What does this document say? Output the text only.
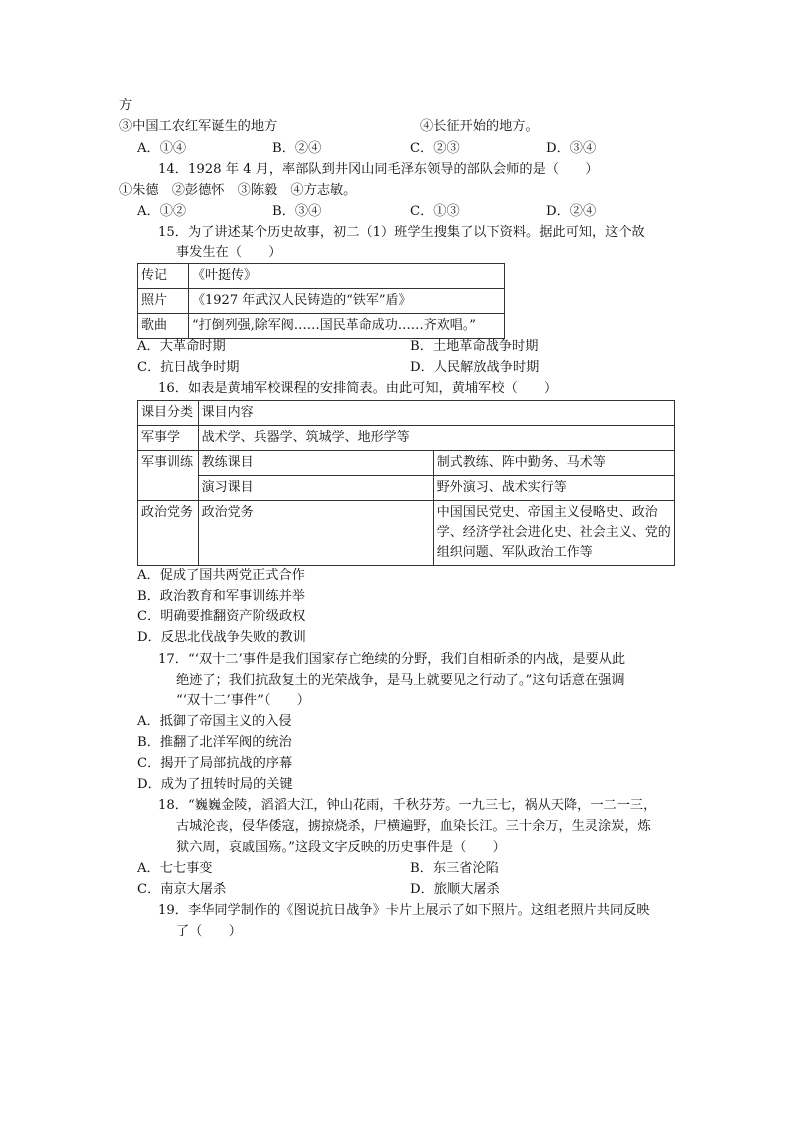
方
③中国工农红军诞生的地方	④长征开始的地方。
A．①④	B．②④	C．②③	D．③④
14．1928 年 4 月，率部队到井冈山同毛泽东领导的部队会师的是（　　）
①朱德　②彭德怀　③陈毅　④方志敏。
A．①②	B．③④	C．①③	D．②④
15．为了讲述某个历史故事，初二（1）班学生搜集了以下资料。据此可知，这个故
事发生在（　　）
传记	《叶挺传》
照片	《1927 年武汉人民铸造的“铁军”盾》
歌曲	“打倒列强,除军阀……国民革命成功……齐欢唱。”
A．大革命时期	B．土地革命战争时期
C．抗日战争时期	D．人民解放战争时期
16．如表是黄埔军校课程的安排简表。由此可知，黄埔军校（　　）
课目分类	课目内容	
军事学	战术学、兵器学、筑城学、地形学等	
军事训练	教练课目	制式教练、阵中勤务、马术等
	演习课目	野外演习、战术实行等
政治党务	政治党务	中国国民党史、帝国主义侵略史、政治学、经济学社会进化史、社会主义、党的组织问题、军队政治工作等
A．促成了国共两党正式合作
B．政治教育和军事训练并举
C．明确要推翻资产阶级政权
D．反思北伐战争失败的教训
17．“‘双十二’事件是我们国家存亡绝续的分野，我们自相斫杀的内战，是要从此
绝迹了；我们抗敌复土的光荣战争，是马上就要见之行动了。”这句话意在强调
“‘双十二’事件”（　　）
A．抵御了帝国主义的入侵
B．推翻了北洋军阀的统治
C．揭开了局部抗战的序幕
D．成为了扭转时局的关键
18．“巍巍金陵，滔滔大江，钟山花雨，千秋芬芳。一九三七，祸从天降，一二一三，
古城沦丧，侵华倭寇，掳掠烧杀，尸横遍野，血染长江。三十余万，生灵涂炭，炼
狱六周，哀戚国殇。”这段文字反映的历史事件是（　　）
A．七七事变	B．东三省沦陷
C．南京大屠杀	D．旅顺大屠杀
19．李华同学制作的《图说抗日战争》卡片上展示了如下照片。这组老照片共同反映
了（　　）
